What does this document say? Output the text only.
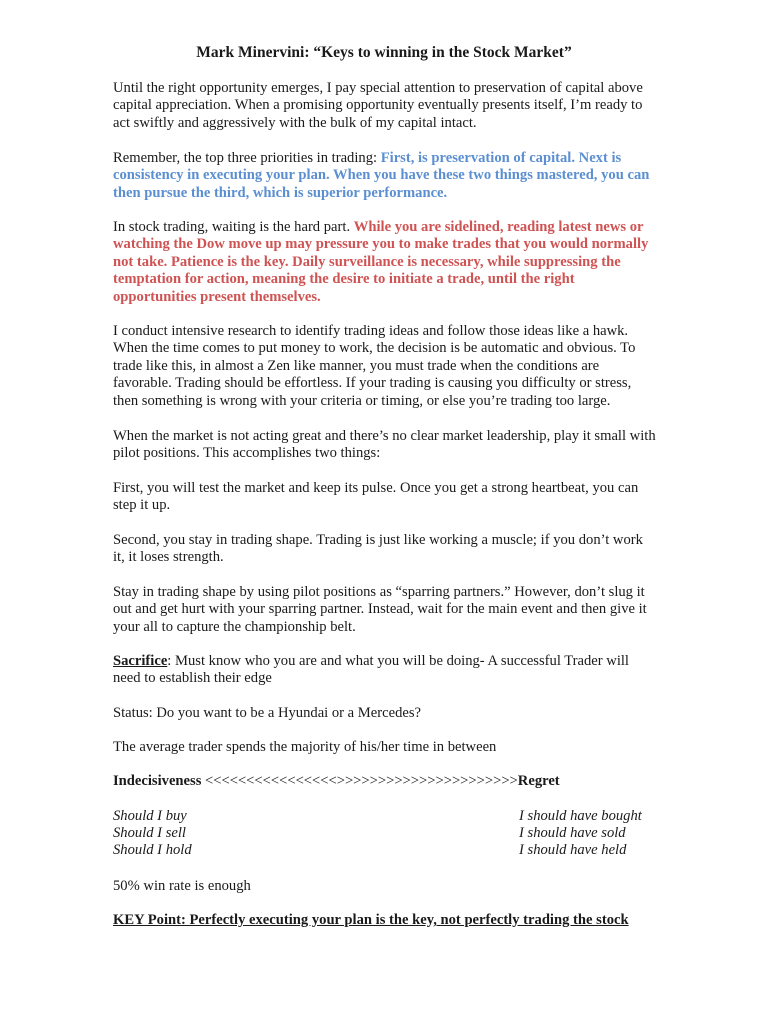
Mark Minervini: “Keys to winning in the Stock Market”

Until the right opportunity emerges, I pay special attention to preservation of capital above capital appreciation. When a promising opportunity eventually presents itself, I’m ready to act swiftly and aggressively with the bulk of my capital intact.

Remember, the top three priorities in trading: First, is preservation of capital. Next is consistency in executing your plan. When you have these two things mastered, you can then pursue the third, which is superior performance.

In stock trading, waiting is the hard part. While you are sidelined, reading latest news or watching the Dow move up may pressure you to make trades that you would normally not take. Patience is the key. Daily surveillance is necessary, while suppressing the temptation for action, meaning the desire to initiate a trade, until the right opportunities present themselves.

I conduct intensive research to identify trading ideas and follow those ideas like a hawk. When the time comes to put money to work, the decision is be automatic and obvious. To trade like this, in almost a Zen like manner, you must trade when the conditions are favorable. Trading should be effortless. If your trading is causing you difficulty or stress, then something is wrong with your criteria or timing, or else you’re trading too large.

When the market is not acting great and there’s no clear market leadership, play it small with pilot positions. This accomplishes two things:

First, you will test the market and keep its pulse. Once you get a strong heartbeat, you can step it up.

Second, you stay in trading shape. Trading is just like working a muscle; if you don’t work it, it loses strength.

Stay in trading shape by using pilot positions as “sparring partners.” However, don’t slug it out and get hurt with your sparring partner. Instead, wait for the main event and then give it your all to capture the championship belt.

Sacrifice: Must know who you are and what you will be doing- A successful Trader will need to establish their edge

Status: Do you want to be a Hyundai or a Mercedes?

The average trader spends the majority of his/her time in between

Indecisiveness <<<<<<<<<<<<<<<<>>>>>>>>>>>>>>>>>>>>>>Regret

Should I buy	I should have bought
Should I sell	I should have sold
Should I hold	I should have held

50% win rate is enough

KEY Point: Perfectly executing your plan is the key, not perfectly trading the stock
